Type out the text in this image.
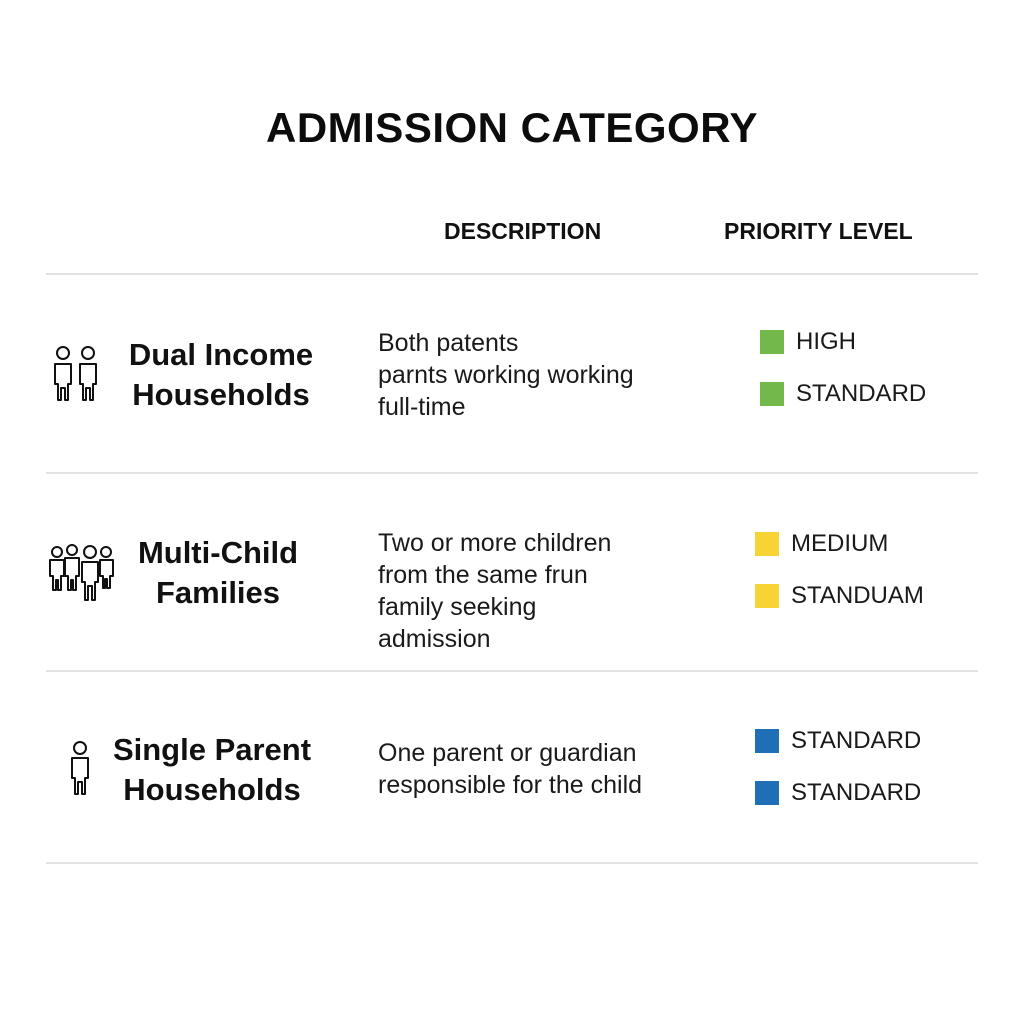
ADMISSION CATEGORY
DESCRIPTION	PRIORITY LEVEL
Dual Income
Households
Both patents
parnts working working
full-time
HIGH
STANDARD
Multi-Child
Families
Two or more children
from the same frun
family seeking
admission
MEDIUM
STANDUAM
Single Parent
Households
One parent or guardian
responsible for the child
STANDARD
STANDARD
